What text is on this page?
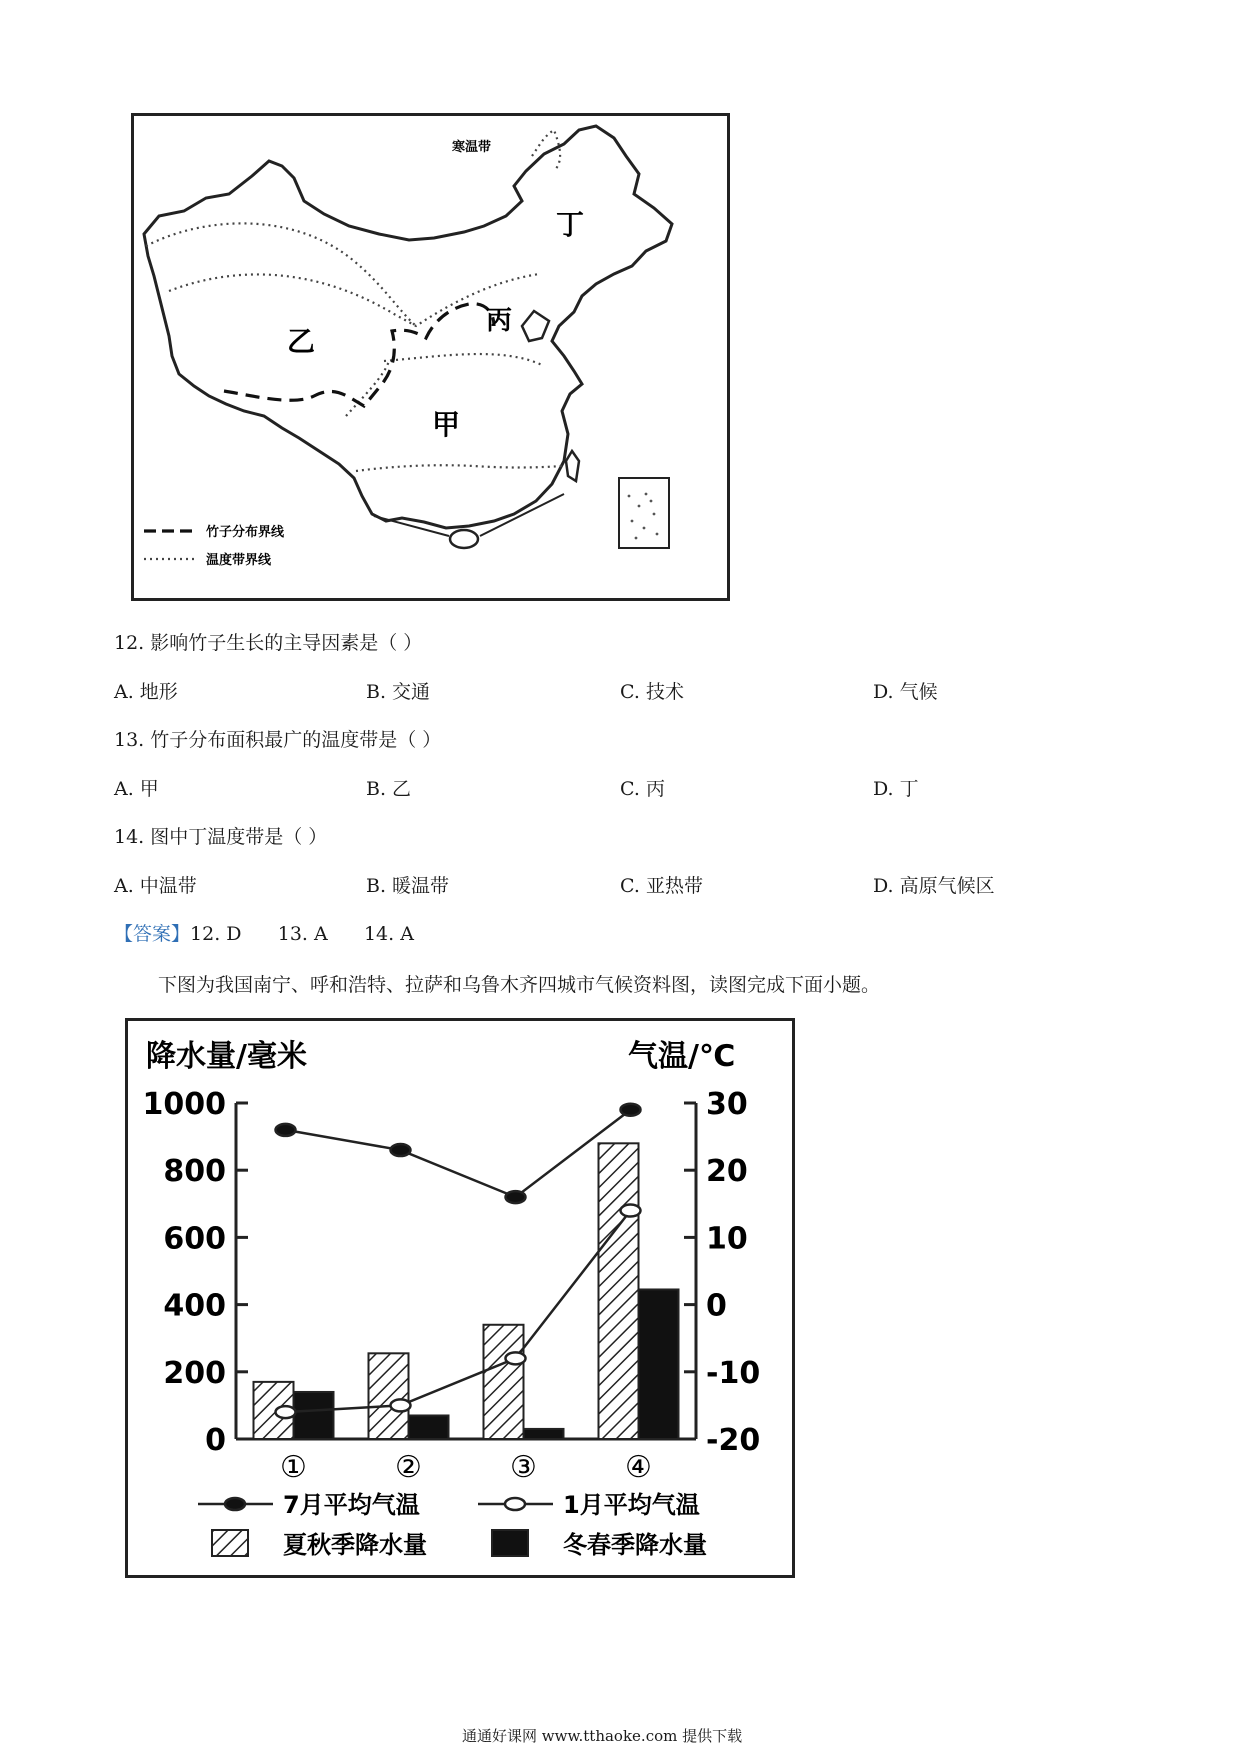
丁
丙
乙
甲
寒温带
竹子分布界线
温度带界线
12. 影响竹子生长的主导因素是（ ）
A. 地形	B. 交通	C. 技术	D. 气候
13. 竹子分布面积最广的温度带是（ ）
A. 甲	B. 乙	C. 丙	D. 丁
14. 图中丁温度带是（ ）
A. 中温带	B. 暖温带	C. 亚热带	D. 高原气候区
【答案】12. D      13. A      14. A
下图为我国南宁、呼和浩特、拉萨和乌鲁木齐四城市气候资料图，读图完成下面小题。
降水量/毫米	气温/℃
1000
800
600
400
200
0
30
20
10
0
-10
-20
①	②	③	④
7月平均气温	1月平均气温
夏秋季降水量	冬春季降水量
通通好课网 www.tthaoke.com 提供下载
